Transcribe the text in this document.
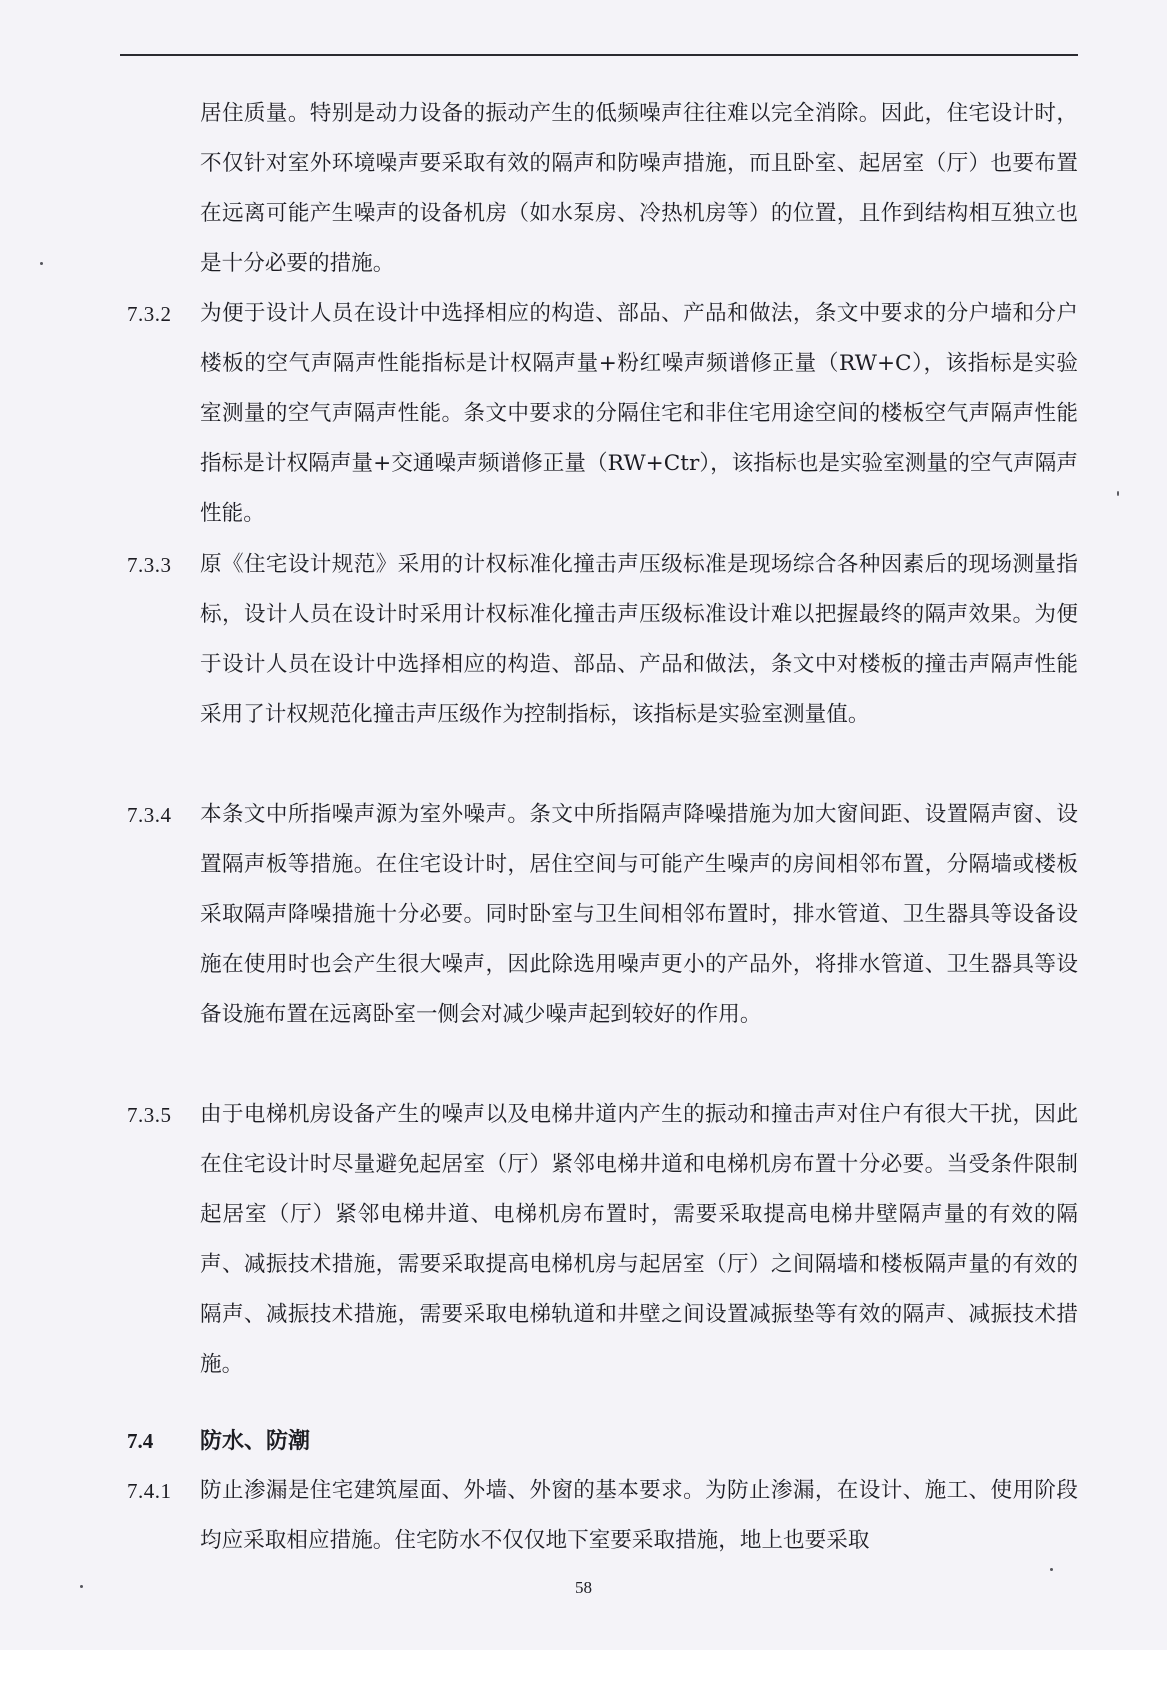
居住质量。特别是动力设备的振动产生的低频噪声往往难以完全消除。因此，住宅设计时，不仅针对室外环境噪声要采取有效的隔声和防噪声措施，而且卧室、起居室（厅）也要布置在远离可能产生噪声的设备机房（如水泵房、冷热机房等）的位置，且作到结构相互独立也是十分必要的措施。
7.3.2 为便于设计人员在设计中选择相应的构造、部品、产品和做法，条文中要求的分户墙和分户楼板的空气声隔声性能指标是计权隔声量+粉红噪声频谱修正量（RW+C），该指标是实验室测量的空气声隔声性能。条文中要求的分隔住宅和非住宅用途空间的楼板空气声隔声性能指标是计权隔声量+交通噪声频谱修正量（RW+Ctr），该指标也是实验室测量的空气声隔声性能。
7.3.3 原《住宅设计规范》采用的计权标准化撞击声压级标准是现场综合各种因素后的现场测量指标，设计人员在设计时采用计权标准化撞击声压级标准设计难以把握最终的隔声效果。为便于设计人员在设计中选择相应的构造、部品、产品和做法，条文中对楼板的撞击声隔声性能采用了计权规范化撞击声压级作为控制指标，该指标是实验室测量值。
7.3.4 本条文中所指噪声源为室外噪声。条文中所指隔声降噪措施为加大窗间距、设置隔声窗、设置隔声板等措施。在住宅设计时，居住空间与可能产生噪声的房间相邻布置，分隔墙或楼板采取隔声降噪措施十分必要。同时卧室与卫生间相邻布置时，排水管道、卫生器具等设备设施在使用时也会产生很大噪声，因此除选用噪声更小的产品外，将排水管道、卫生器具等设备设施布置在远离卧室一侧会对减少噪声起到较好的作用。
7.3.5 由于电梯机房设备产生的噪声以及电梯井道内产生的振动和撞击声对住户有很大干扰，因此在住宅设计时尽量避免起居室（厅）紧邻电梯井道和电梯机房布置十分必要。当受条件限制起居室（厅）紧邻电梯井道、电梯机房布置时，需要采取提高电梯井壁隔声量的有效的隔声、减振技术措施，需要采取提高电梯机房与起居室（厅）之间隔墙和楼板隔声量的有效的隔声、减振技术措施，需要采取电梯轨道和井壁之间设置减振垫等有效的隔声、减振技术措施。
7.4 防水、防潮
7.4.1 防止渗漏是住宅建筑屋面、外墙、外窗的基本要求。为防止渗漏，在设计、施工、使用阶段均应采取相应措施。住宅防水不仅仅地下室要采取措施，地上也要采取
58
